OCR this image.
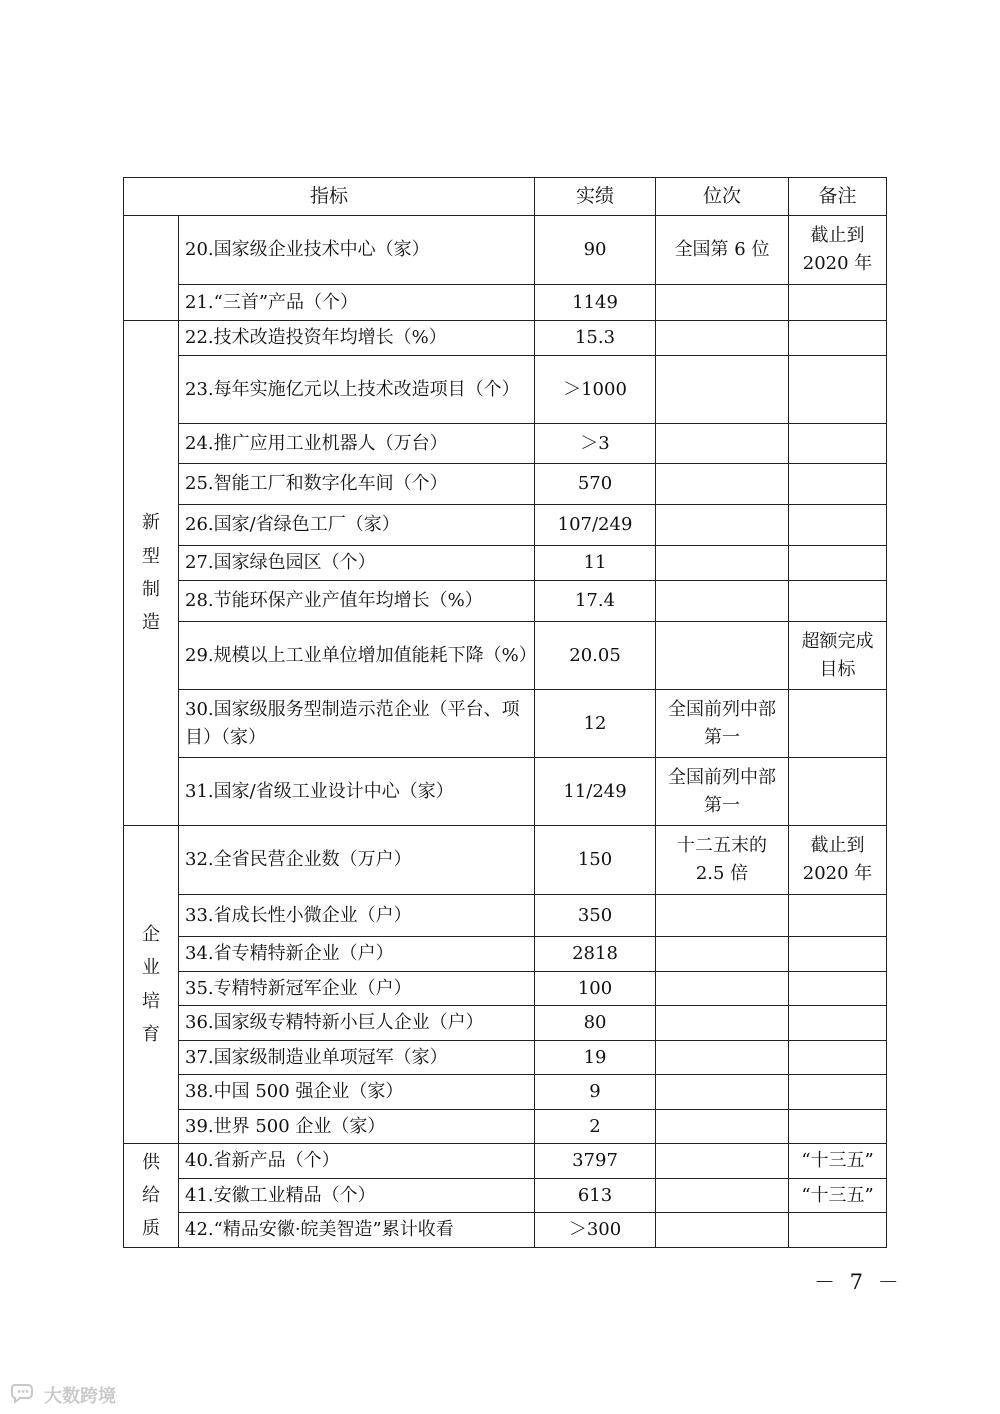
指标		实绩	位次	备注
	20.国家级企业技术中心（家）	90	全国第 6 位	截止到2020 年
	21.“三首”产品（个）	1149		
新型制造	22.技术改造投资年均增长（%）	15.3		
	23.每年实施亿元以上技术改造项目（个）	＞1000		
	24.推广应用工业机器人（万台）	＞3		
	25.智能工厂和数字化车间（个）	570		
	26.国家/省绿色工厂（家）	107/249		
	27.国家绿色园区（个）	11		
	28.节能环保产业产值年均增长（%）	17.4		
	29.规模以上工业单位增加值能耗下降（%）	20.05		超额完成目标
	30.国家级服务型制造示范企业（平台、项目）（家）	12	全国前列中部第一	
	31.国家/省级工业设计中心（家）	11/249	全国前列中部第一	
企业培育	32.全省民营企业数（万户）	150	十二五末的 2.5 倍	截止到2020 年
	33.省成长性小微企业（户）	350		
	34.省专精特新企业（户）	2818		
	35.专精特新冠军企业（户）	100		
	36.国家级专精特新小巨人企业（户）	80		
	37.国家级制造业单项冠军（家）	19		
	38.中国 500 强企业（家）	9		
	39.世界 500 企业（家）	2		
供给质	40.省新产品（个）	3797		“十三五”
	41.安徽工业精品（个）	613		“十三五”
	42.“精品安徽·皖美智造”累计收看	＞300		
－ 7 －
大数跨境
